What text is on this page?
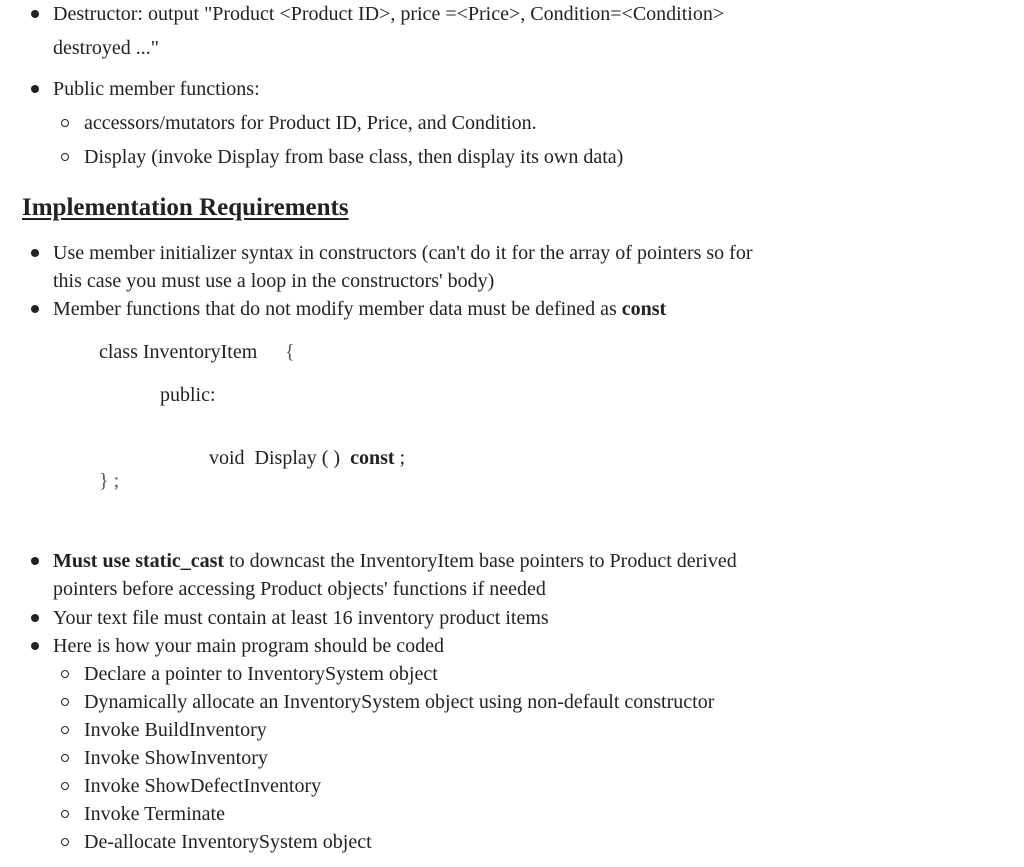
Destructor: output "Product <Product ID>, price =<Price>, Condition=<Condition>
destroyed ..."
Public member functions:
accessors/mutators for Product ID, Price, and Condition.
Display (invoke Display from base class, then display its own data)
Implementation Requirements
Use member initializer syntax in constructors (can't do it for the array of pointers so for
this case you must use a loop in the constructors' body)
Member functions that do not modify member data must be defined as const
class InventoryItem {
public:

void  Display ( )  const ;

} ;
Must use static_cast to downcast the InventoryItem base pointers to Product derived
pointers before accessing Product objects' functions if needed
Your text file must contain at least 16 inventory product items
Here is how your main program should be coded
Declare a pointer to InventorySystem object
Dynamically allocate an InventorySystem object using non-default constructor
Invoke BuildInventory
Invoke ShowInventory
Invoke ShowDefectInventory
Invoke Terminate
De-allocate InventorySystem object
